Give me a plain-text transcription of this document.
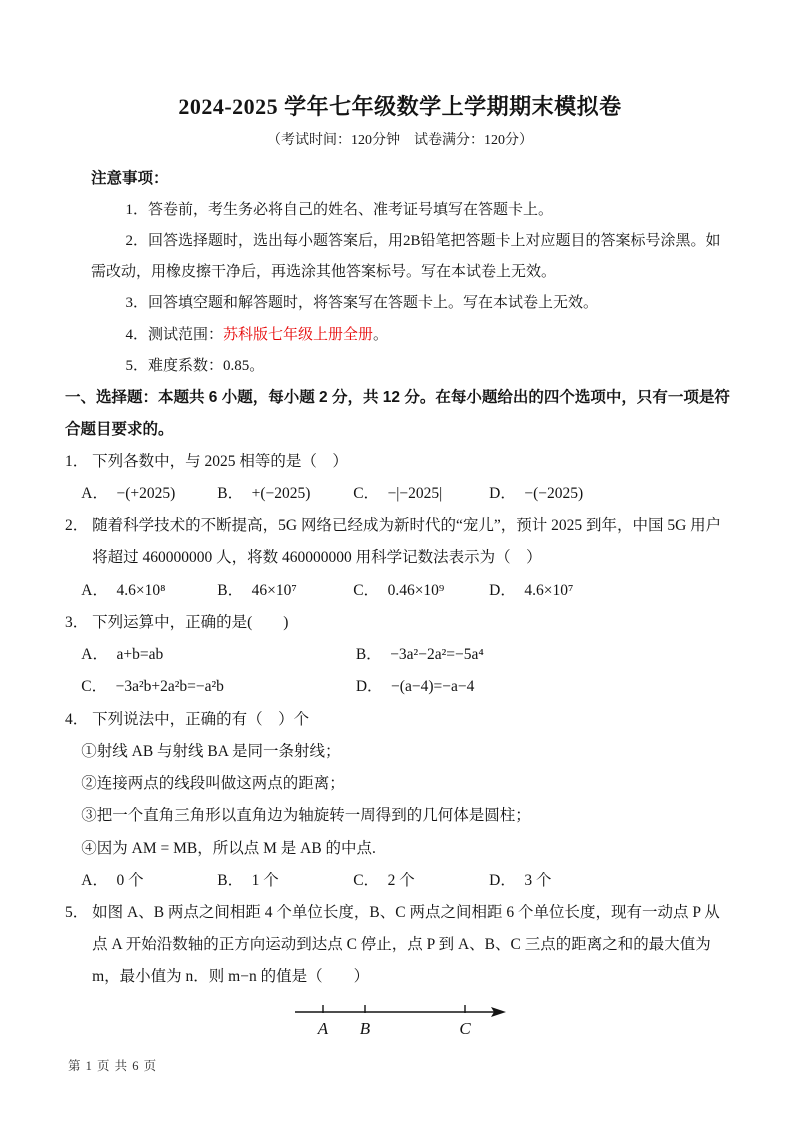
2024-2025 学年七年级数学上学期期末模拟卷

（考试时间：120分钟　试卷满分：120分）

注意事项：

1．答卷前，考生务必将自己的姓名、准考证号填写在答题卡上。

2．回答选择题时，选出每小题答案后，用2B铅笔把答题卡上对应题目的答案标号涂黑。如需改动，用橡皮擦干净后，再选涂其他答案标号。写在本试卷上无效。

3．回答填空题和解答题时，将答案写在答题卡上。写在本试卷上无效。

4．测试范围：苏科版七年级上册全册。

5．难度系数：0.85。

一、选择题：本题共 6 小题，每小题 2 分，共 12 分。在每小题给出的四个选项中，只有一项是符合题目要求的。

1． 下列各数中，与 2025 相等的是（　）
A． −(+2025)	B． +(−2025)	C． −|−2025|	D． −(−2025)
2． 随着科学技术的不断提高，5G 网络已经成为新时代的“宠儿”，预计 2025 到年，中国 5G 用户将超过 460000000 人，将数 460000000 用科学记数法表示为（　）
A． 4.6×10⁸	B． 46×10⁷	C． 0.46×10⁹	D． 4.6×10⁷
3． 下列运算中，正确的是(　　)
A． a+b=ab	B． −3a²−2a²=−5a⁴
C． −3a²b+2a²b=−a²b	D． −(a−4)=−a−4
4． 下列说法中，正确的有（　）个

①射线 AB 与射线 BA 是同一条射线；

②连接两点的线段叫做这两点的距离；

③把一个直角三角形以直角边为轴旋转一周得到的几何体是圆柱；

④因为 AM = MB，所以点 M 是 AB 的中点.

A． 0 个	B． 1 个	C． 2 个	D． 3 个
5． 如图 A、B 两点之间相距 4 个单位长度，B、C 两点之间相距 6 个单位长度，现有一动点 P 从点 A 开始沿数轴的正方向运动到达点 C 停止，点 P 到 A、B、C 三点的距离之和的最大值为 m，最小值为 n．则 m−n 的值是（　　）
A B	C
第 1 页 共 6 页
